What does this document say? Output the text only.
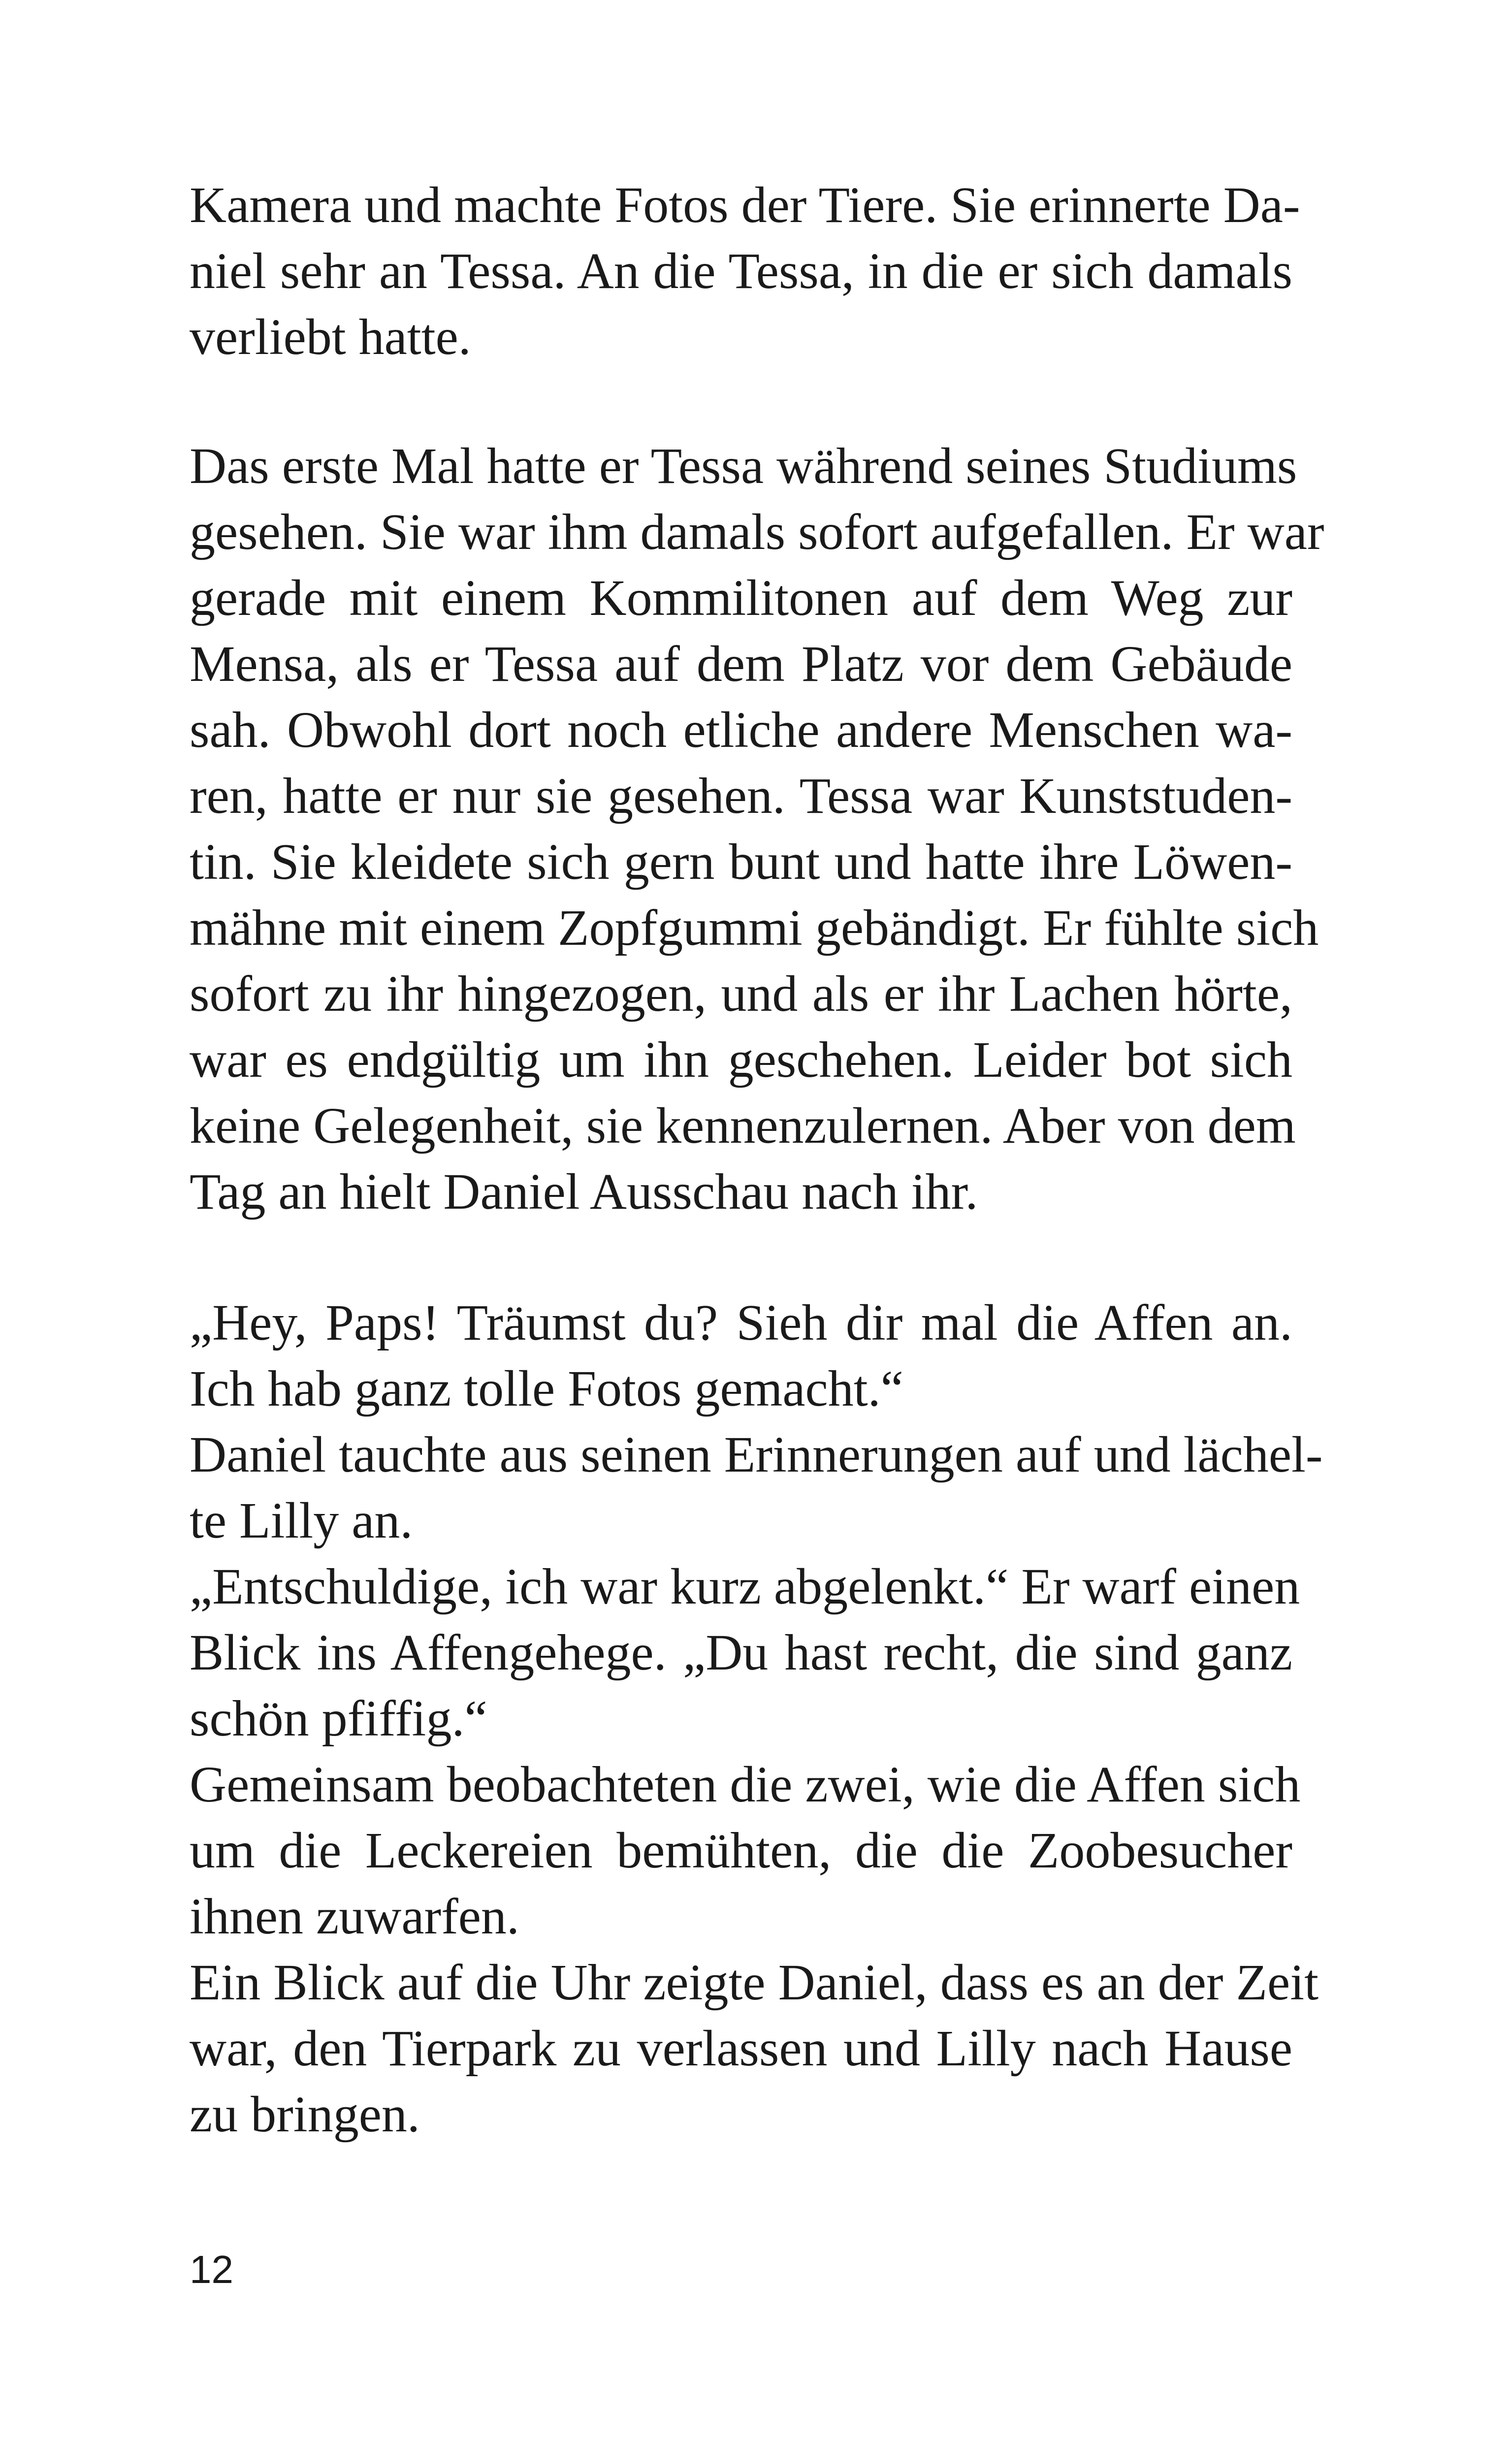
Kamera und machte Fotos der Tiere. Sie erinnerte Da-
niel sehr an Tessa. An die Tessa, in die er sich damals
verliebt hatte.
Das erste Mal hatte er Tessa während seines Studiums
gesehen. Sie war ihm damals sofort aufgefallen. Er war
gerade mit einem Kommilitonen auf dem Weg zur
Mensa, als er Tessa auf dem Platz vor dem Gebäude
sah. Obwohl dort noch etliche andere Menschen wa-
ren, hatte er nur sie gesehen. Tessa war Kunststuden-
tin. Sie kleidete sich gern bunt und hatte ihre Löwen-
mähne mit einem Zopfgummi gebändigt. Er fühlte sich
sofort zu ihr hingezogen, und als er ihr Lachen hörte,
war es endgültig um ihn geschehen. Leider bot sich
keine Gelegenheit, sie kennenzulernen. Aber von dem
Tag an hielt Daniel Ausschau nach ihr.
„Hey, Paps! Träumst du? Sieh dir mal die Affen an.
Ich hab ganz tolle Fotos gemacht.“
Daniel tauchte aus seinen Erinnerungen auf und lächel-
te Lilly an.
„Entschuldige, ich war kurz abgelenkt.“ Er warf einen
Blick ins Affengehege. „Du hast recht, die sind ganz
schön pfiffig.“
Gemeinsam beobachteten die zwei, wie die Affen sich
um die Leckereien bemühten, die die Zoobesucher
ihnen zuwarfen.
Ein Blick auf die Uhr zeigte Daniel, dass es an der Zeit
war, den Tierpark zu verlassen und Lilly nach Hause
zu bringen.
12
